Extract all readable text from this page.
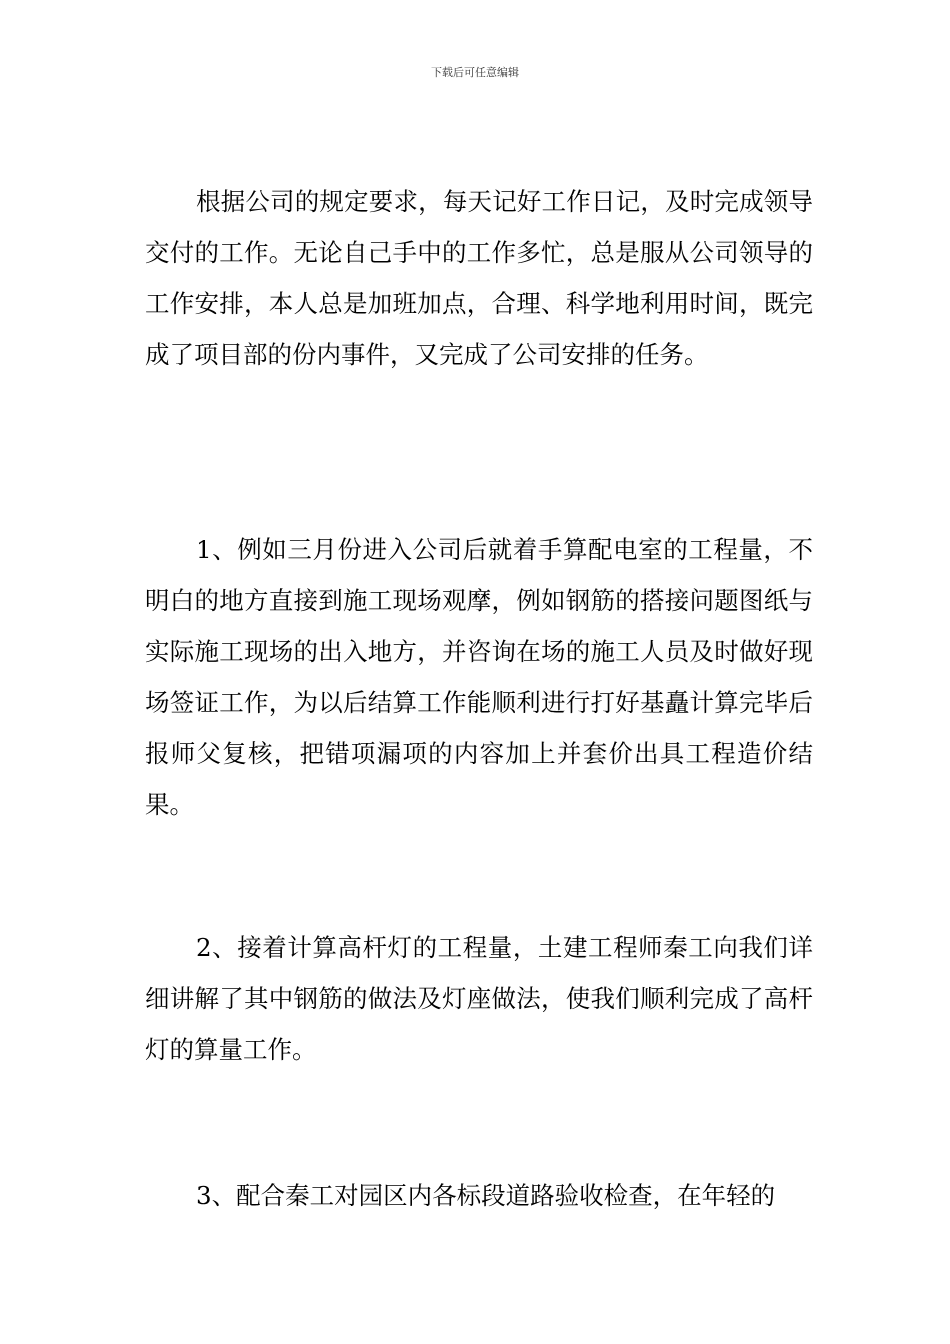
下载后可任意编辑

根据公司的规定要求，每天记好工作日记，及时完成领导交付的工作。无论自己手中的工作多忙，总是服从公司领导的工作安排，本人总是加班加点，合理、科学地利用时间，既完成了项目部的份内事件，又完成了公司安排的任务。

1、例如三月份进入公司后就着手算配电室的工程量，不明白的地方直接到施工现场观摩，例如钢筋的搭接问题图纸与实际施工现场的出入地方，并咨询在场的施工人员及时做好现场签证工作，为以后结算工作能顺利进行打好基矗计算完毕后报师父复核，把错项漏项的内容加上并套价出具工程造价结果。

2、接着计算高杆灯的工程量，土建工程师秦工向我们详细讲解了其中钢筋的做法及灯座做法，使我们顺利完成了高杆灯的算量工作。

3、配合秦工对园区内各标段道路验收检查，在年轻的
